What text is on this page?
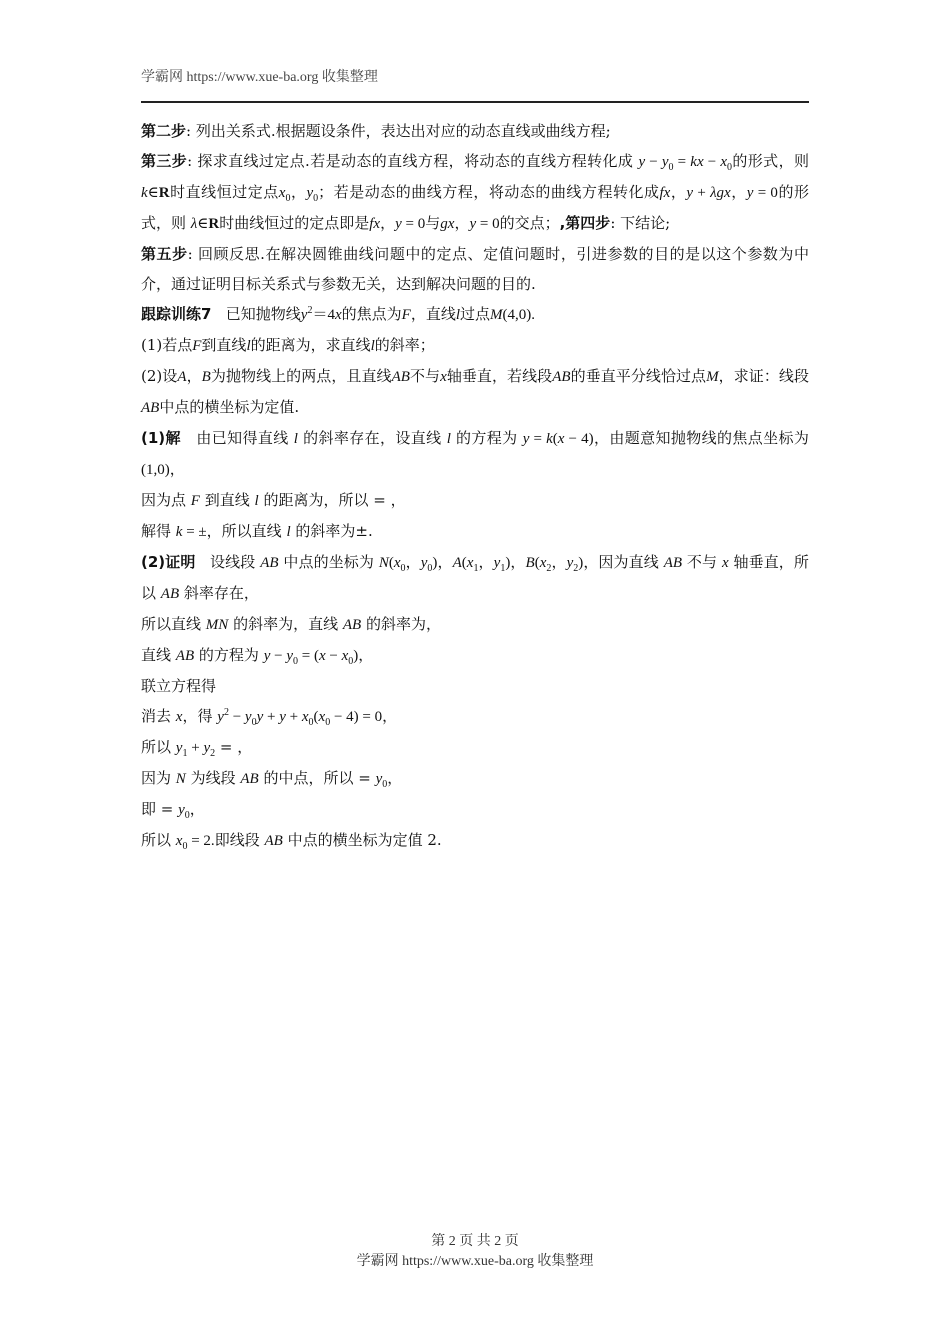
学霸网 https://www.xue-ba.org 收集整理

第二步: 列出关系式.根据题设条件，表达出对应的动态直线或曲线方程;

第三步: 探求直线过定点.若是动态的直线方程，将动态的直线方程转化成 $y - y_0$ = kx − $x_0$的形式，则 k∈R时直线恒过定点$x_0$，$y_0$；若是动态的曲线方程，将动态的曲线方程转化成fx，y + λgx，y = 0的形式，则 λ∈R时曲线恒过的定点即是fx，y = 0与gx，y = 0的交点；,第四步: 下结论;

第五步: 回顾反思.在解决圆锥曲线问题中的定点、定值问题时，引进参数的目的是以这个参数为中介，通过证明目标关系式与参数无关，达到解决问题的目的.

跟踪训练7 已知抛物线$y^2=4x$的焦点为F，直线l过点M(4,0).

(1)若点F到直线l的距离为，求直线l的斜率；

(2)设A，B为抛物线上的两点，且直线AB不与x轴垂直，若线段AB的垂直平分线恰过点M，求证：线段AB中点的横坐标为定值.

(1)解 由已知得直线 l 的斜率存在，设直线 l 的方程为 y = k(x − 4)，由题意知抛物线的焦点坐标为(1,0)，

因为点 F 到直线 l 的距离为，所以 = ，

解得 k = ±，所以直线 l 的斜率为±.

(2)证明 设线段 AB 中点的坐标为 $N(x_0$，$y_0$)，$A(x_1$，$y_1$)，$B(x_2$，$y_2$)，因为直线 AB 不与 x 轴垂直，所以 AB 斜率存在，

所以直线 MN 的斜率为，直线 AB 的斜率为，

直线 AB 的方程为 $y - y_0 = (x - x_0)$，

联立方程得

消去 x，得 $y^2 - y_0y + y + x_0(x_0 - 4) = 0$，

所以 $y_1 + y_2$ = ，

因为 N 为线段 AB 的中点，所以 = $y_0$，

即 = $y_0$，

所以 $x_0 = 2$.即线段 AB 中点的横坐标为定值 2.

第 2 页 共 2 页
学霸网 https://www.xue-ba.org 收集整理
